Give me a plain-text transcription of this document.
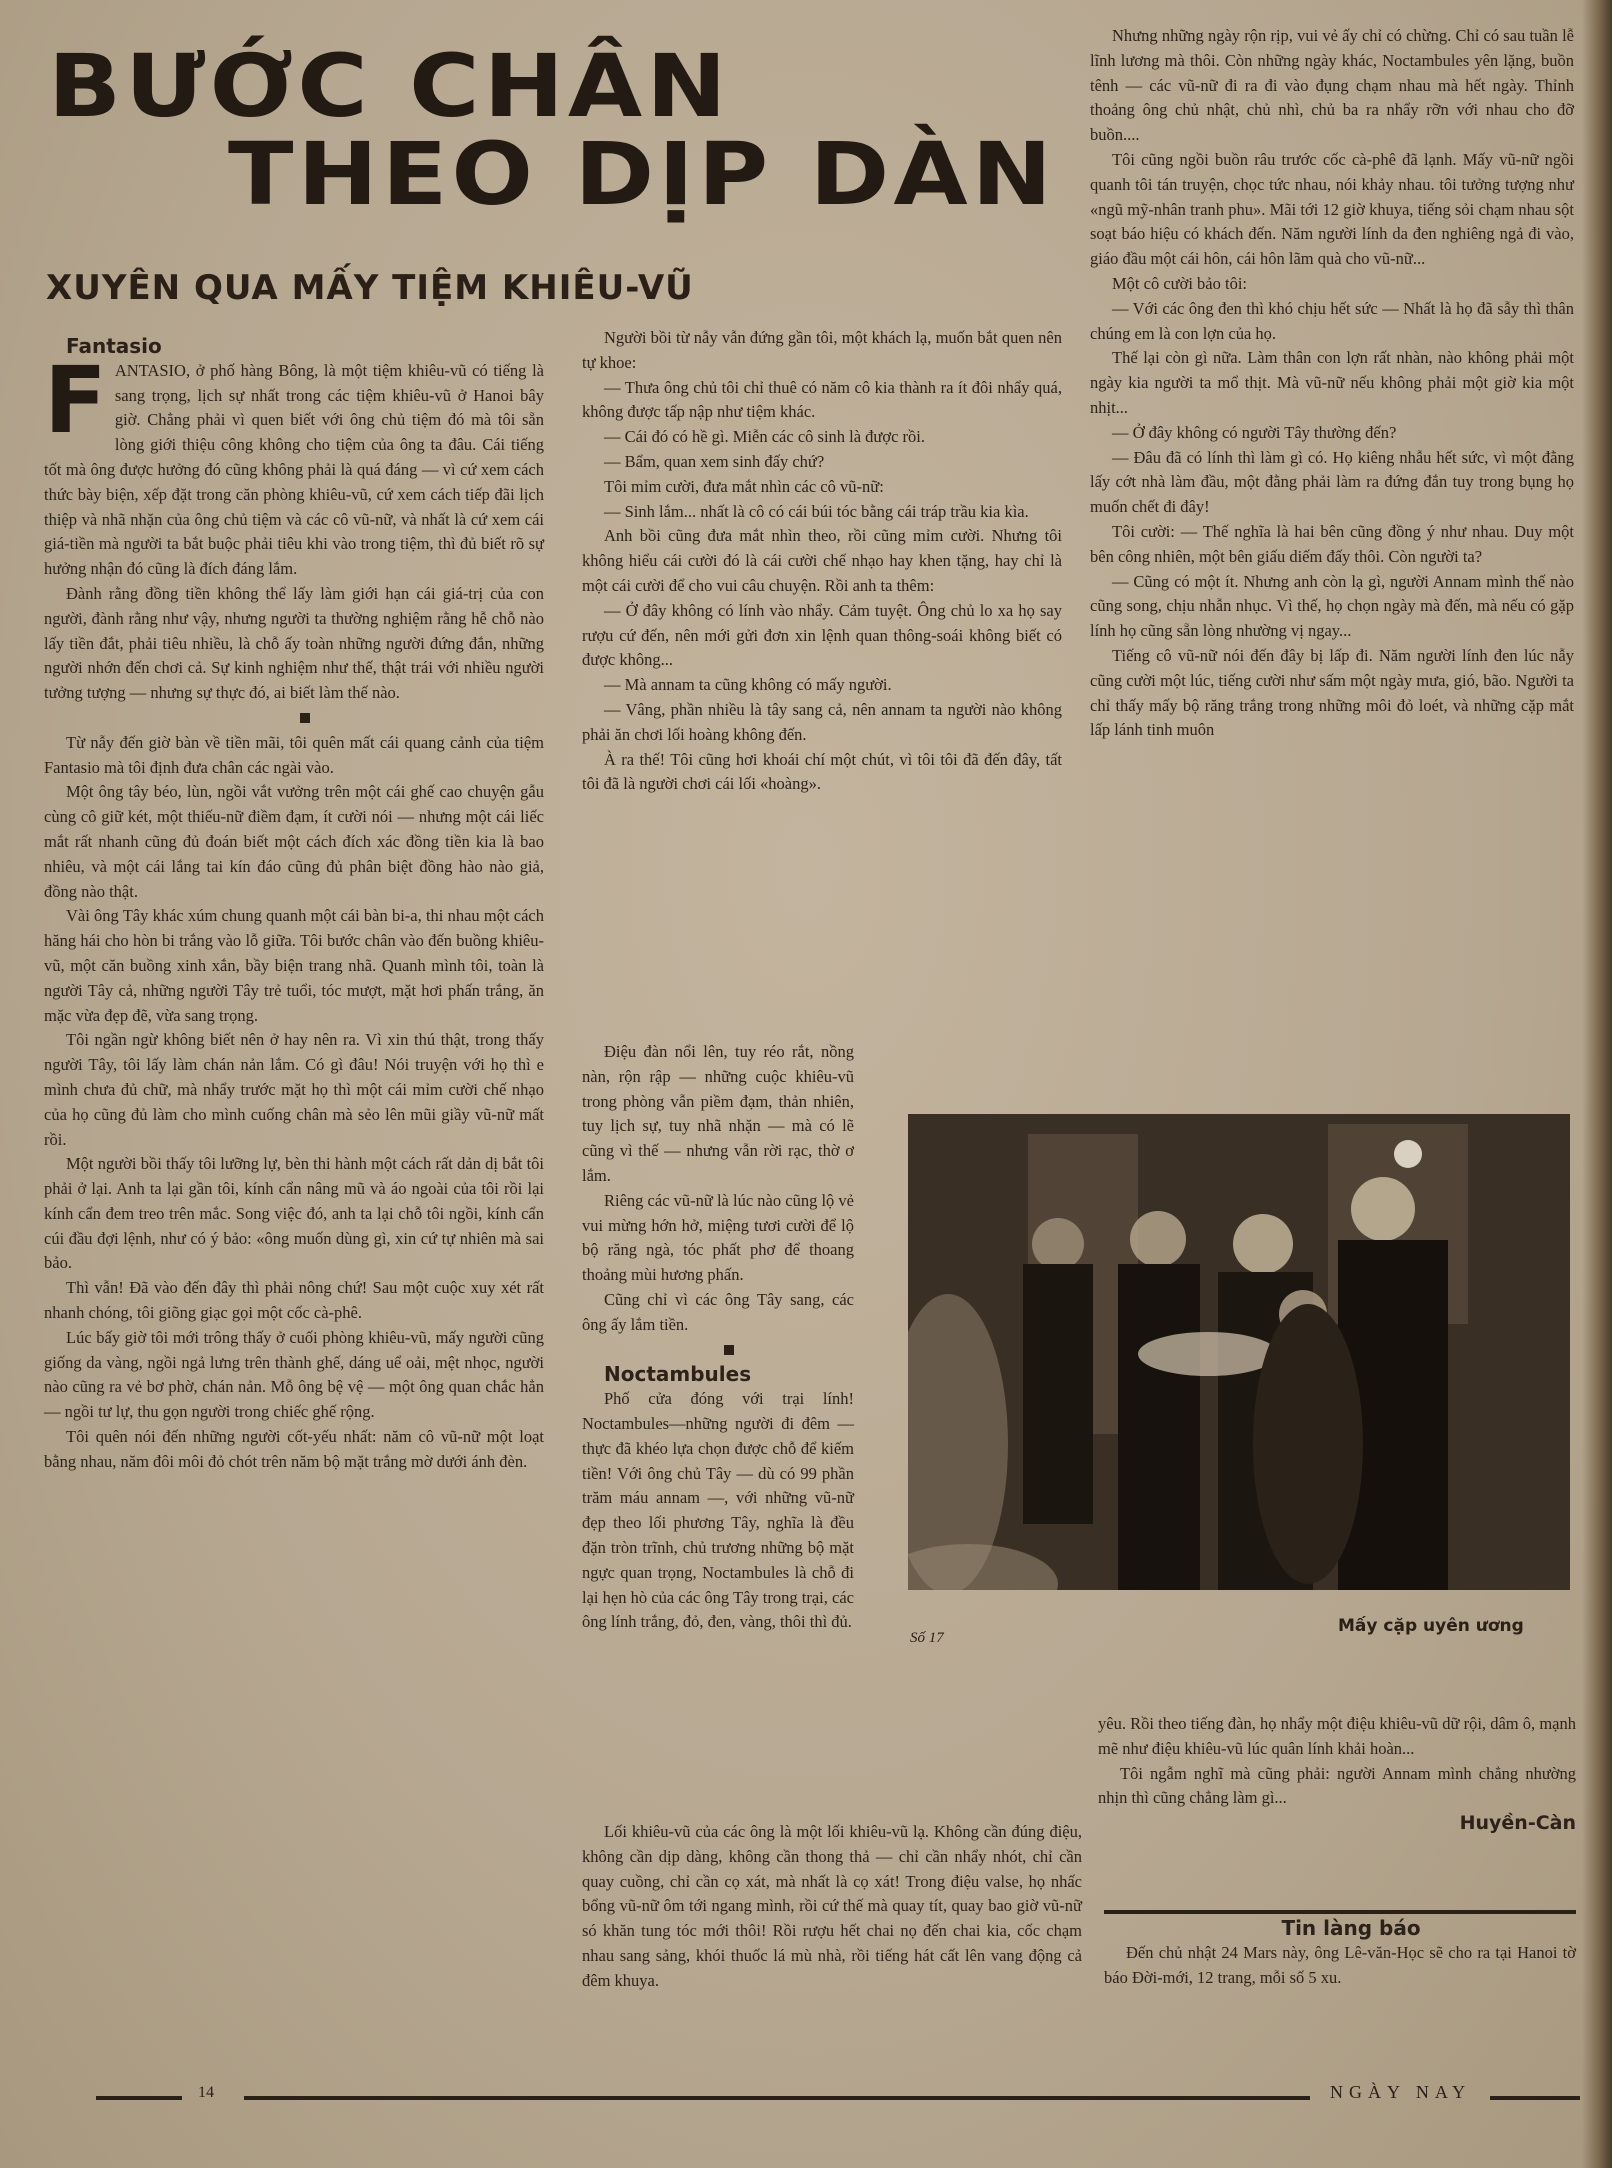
BƯỚC CHÂN
THEO DỊP DÀN
XUYÊN QUA MẤY TIỆM KHIÊU-VŨ

Fantasio

FANTASIO, ở phố hàng Bông, là một tiệm khiêu-vũ có tiếng là sang trọng, lịch sự nhất trong các tiệm khiêu-vũ ở Hanoi bây giờ. Chẳng phải vì quen biết với ông chủ tiệm đó mà tôi sẵn lòng giới thiệu công không cho tiệm của ông ta đâu. Cái tiếng tốt mà ông được hưởng đó cũng không phải là quá đáng — vì cứ xem cách thức bày biện, xếp đặt trong căn phòng khiêu-vũ, cứ xem cách tiếp đãi lịch thiệp và nhã nhặn của ông chủ tiệm và các cô vũ-nữ, và nhất là cứ xem cái giá-tiền mà người ta bắt buộc phải tiêu khi vào trong tiệm, thì đủ biết rõ sự hưởng nhận đó cũng là đích đáng lắm.

Đành rằng đồng tiền không thể lấy làm giới hạn cái giá-trị của con người, đành rằng như vậy, nhưng người ta thường nghiệm rằng hễ chỗ nào lấy tiền đắt, phải tiêu nhiều, là chỗ ấy toàn những người đứng đắn, những người nhớn đến chơi cả. Sự kinh nghiệm như thế, thật trái với nhiều người tưởng tượng — nhưng sự thực đó, ai biết làm thế nào.

Từ nẫy đến giờ bàn về tiền mãi, tôi quên mất cái quang cảnh của tiệm Fantasio mà tôi định đưa chân các ngài vào.

Một ông tây béo, lùn, ngồi vắt vưởng trên một cái ghế cao chuyện gẫu cùng cô giữ két, một thiếu-nữ điềm đạm, ít cười nói — nhưng một cái liếc mắt rất nhanh cũng đủ đoán biết một cách đích xác đồng tiền kia là bao nhiêu, và một cái lắng tai kín đáo cũng đủ phân biệt đồng hào nào giả, đồng nào thật.

Vài ông Tây khác xúm chung quanh một cái bàn bi-a, thi nhau một cách hăng hái cho hòn bi trắng vào lỗ giữa. Tôi bước chân vào đến buồng khiêu-vũ, một căn buồng xinh xắn, bầy biện trang nhã. Quanh mình tôi, toàn là người Tây cả, những người Tây trẻ tuổi, tóc mượt, mặt hơi phấn trắng, ăn mặc vừa đẹp đẽ, vừa sang trọng.

Tôi ngần ngừ không biết nên ở hay nên ra. Vì xin thú thật, trong thấy người Tây, tôi lấy làm chán nản lắm. Có gì đâu! Nói truyện với họ thì e mình chưa đủ chữ, mà nhẩy trước mặt họ thì một cái mỉm cười chế nhạo của họ cũng đủ làm cho mình cuống chân mà sẻo lên mũi giầy vũ-nữ mất rồi.

Một người bồi thấy tôi lưỡng lự, bèn thi hành một cách rất dản dị bắt tôi phải ở lại. Anh ta lại gần tôi, kính cẩn nâng mũ và áo ngoài của tôi rồi lại kính cẩn đem treo trên mắc. Song việc đó, anh ta lại chỗ tôi ngồi, kính cẩn cúi đầu đợi lệnh, như có ý bảo: «ông muốn dùng gì, xin cứ tự nhiên mà sai bảo.

Thì vẫn! Đã vào đến đây thì phải nông chứ! Sau một cuộc xuy xét rất nhanh chóng, tôi giõng giạc gọi một cốc cà-phê.

Lúc bấy giờ tôi mới trông thấy ở cuối phòng khiêu-vũ, mấy người cũng giống da vàng, ngồi ngả lưng trên thành ghế, dáng uể oải, mệt nhọc, người nào cũng ra vẻ bơ phờ, chán nản. Mỗ ông bệ vệ — một ông quan chắc hẳn — ngồi tư lự, thu gọn người trong chiếc ghế rộng.

Tôi quên nói đến những người cốt-yếu nhất: năm cô vũ-nữ một loạt bằng nhau, năm đôi môi đỏ chót trên năm bộ mặt trắng mờ dưới ánh đèn.

Người bồi từ nẫy vẫn đứng gần tôi, một khách lạ, muốn bắt quen nên tự khoe:

— Thưa ông chủ tôi chỉ thuê có năm cô kia thành ra ít đôi nhẩy quá, không được tấp nập như tiệm khác.

— Cái đó có hề gì. Miễn các cô sinh là được rồi.

— Bẩm, quan xem sinh đấy chứ?

Tôi mỉm cười, đưa mắt nhìn các cô vũ-nữ:

— Sinh lắm... nhất là cô có cái búi tóc bằng cái tráp trầu kia kìa.

Anh bồi cũng đưa mắt nhìn theo, rồi cũng mỉm cười. Nhưng tôi không hiểu cái cười đó là cái cười chế nhạo hay khen tặng, hay chỉ là một cái cười để cho vui câu chuyện. Rồi anh ta thêm:

— Ở đây không có lính vào nhẩy. Cảm tuyệt. Ông chủ lo xa họ say rượu cứ đến, nên mới gửi đơn xin lệnh quan thông-soái không biết có được không...

— Mà annam ta cũng không có mấy người.

— Vâng, phần nhiều là tây sang cả, nên annam ta người nào không phải ăn chơi lối hoàng không đến.

À ra thế! Tôi cũng hơi khoái chí một chút, vì tôi tôi đã đến đây, tất tôi đã là người chơi cái lối «hoàng».

Điệu đàn nổi lên, tuy réo rắt, nồng nàn, rộn rập — những cuộc khiêu-vũ trong phòng vẫn piềm đạm, thản nhiên, tuy lịch sự, tuy nhã nhặn — mà có lẽ cũng vì thế — nhưng vẫn rời rạc, thờ ơ lắm.

Riêng các vũ-nữ là lúc nào cũng lộ vẻ vui mừng hớn hở, miệng tươi cười để lộ bộ răng ngà, tóc phất phơ để thoang thoảng mùi hương phấn.

Cũng chỉ vì các ông Tây sang, các ông ấy lắm tiền.

Noctambules

Phố cửa đóng với trại lính! Noctambules—những người đi đêm — thực đã khéo lựa chọn được chỗ để kiếm tiền! Với ông chủ Tây — dù có 99 phần trăm máu annam —, với những vũ-nữ đẹp theo lối phương Tây, nghĩa là đều đặn tròn trĩnh, chủ trương những bộ mặt ngực quan trọng, Noctambules là chỗ đi lại hẹn hò của các ông Tây trong trại, các ông lính trắng, đỏ, đen, vàng, thôi thì đủ.

Lối khiêu-vũ của các ông là một lối khiêu-vũ lạ. Không cần đúng điệu, không cần dịp dàng, không cần thong thả — chỉ cần nhẩy nhót, chỉ cần quay cuồng, chỉ cần cọ xát, mà nhất là cọ xát! Trong điệu valse, họ nhấc bổng vũ-nữ ôm tới ngang mình, rồi cứ thế mà quay tít, quay bao giờ vũ-nữ só khăn tung tóc mới thôi! Rồi rượu hết chai nọ đến chai kia, cốc chạm nhau sang sảng, khói thuốc lá mù nhà, rồi tiếng hát cất lên vang động cả đêm khuya.

Nhưng những ngày rộn rịp, vui vẻ ấy chỉ có chừng. Chỉ có sau tuần lễ lĩnh lương mà thôi. Còn những ngày khác, Noctambules yên lặng, buồn tênh — các vũ-nữ đi ra đi vào đụng chạm nhau mà hết ngày. Thỉnh thoảng ông chủ nhật, chủ nhì, chủ ba ra nhẩy rỡn với nhau cho đỡ buồn....

Tôi cũng ngồi buồn râu trước cốc cà-phê đã lạnh. Mấy vũ-nữ ngồi quanh tôi tán truyện, chọc tức nhau, nói khảy nhau. tôi tưởng tượng như «ngũ mỹ-nhân tranh phu». Mãi tới 12 giờ khuya, tiếng sỏi chạm nhau sột soạt báo hiệu có khách đến. Năm người lính da đen nghiêng ngả đi vào, giáo đầu một cái hôn, cái hôn lãm quà cho vũ-nữ...

Một cô cười bảo tôi:

— Với các ông đen thì khó chịu hết sức — Nhất là họ đã sẫy thì thân chúng em là con lợn của họ.

Thế lại còn gì nữa. Làm thân con lợn rất nhàn, nào không phải một ngày kia người ta mổ thịt. Mà vũ-nữ nếu không phải một giờ kia một nhịt...

— Ở đây không có người Tây thường đến?

— Đâu đã có lính thì làm gì có. Họ kiêng nhẫu hết sức, vì một đằng lấy cớt nhà làm đầu, một đằng phải làm ra đứng đắn tuy trong bụng họ muốn chết đi đây!

Tôi cười: — Thế nghĩa là hai bên cũng đồng ý như nhau. Duy một bên công nhiên, một bên giấu diếm đấy thôi. Còn người ta?

— Cũng có một ít. Nhưng anh còn lạ gì, người Annam mình thế nào cũng song, chịu nhẫn nhục. Vì thế, họ chọn ngày mà đến, mà nếu có gặp lính họ cũng sẵn lòng nhường vị ngay...

Tiếng cô vũ-nữ nói đến đây bị lấp đi. Năm người lính đen lúc nẫy cũng cười một lúc, tiếng cười như sấm một ngày mưa, gió, bão. Người ta chỉ thấy mấy bộ răng trắng trong những môi đỏ loét, và những cặp mắt lấp lánh tinh muôn

Số 17
Mấy cặp uyên ương

yêu. Rồi theo tiếng đàn, họ nhẩy một điệu khiêu-vũ dữ rội, dâm ô, mạnh mẽ như điệu khiêu-vũ lúc quân lính khải hoàn...

Tôi ngẫm nghĩ mà cũng phải: người Annam mình chẳng nhường nhịn thì cũng chẳng làm gì...

Huyền-Càn

Tin làng báo

Đến chủ nhật 24 Mars này, ông Lê-văn-Học sẽ cho ra tại Hanoi tờ báo Đời-mới, 12 trang, mỗi số 5 xu.

14	NGÀY NAY
